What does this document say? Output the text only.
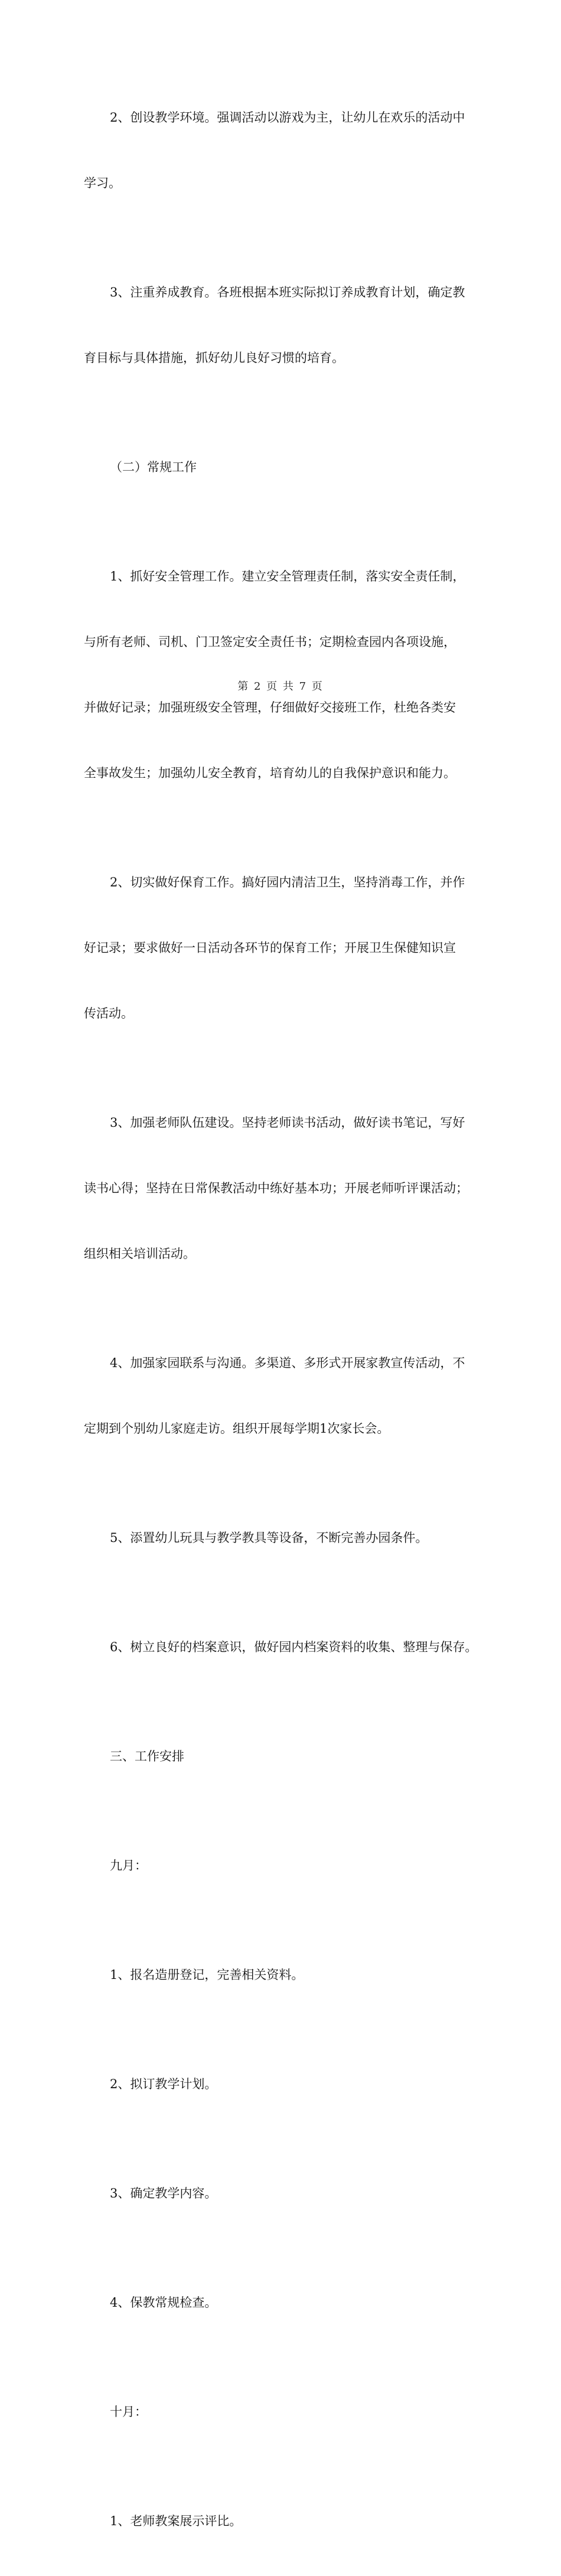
2、创设教学环境。强调活动以游戏为主，让幼儿在欢乐的活动中

学习。

3、注重养成教育。各班根据本班实际拟订养成教育计划，确定教

育目标与具体措施，抓好幼儿良好习惯的培育。

（二）常规工作

1、抓好安全管理工作。建立安全管理责任制，落实安全责任制，

与所有老师、司机、门卫签定安全责任书；定期检查园内各项设施，

并做好记录；加强班级安全管理，仔细做好交接班工作，杜绝各类安

全事故发生；加强幼儿安全教育，培育幼儿的自我保护意识和能力。

2、切实做好保育工作。搞好园内清洁卫生，坚持消毒工作，并作

好记录；要求做好一日活动各环节的保育工作；开展卫生保健知识宣

传活动。

3、加强老师队伍建设。坚持老师读书活动，做好读书笔记，写好

读书心得；坚持在日常保教活动中练好基本功；开展老师听评课活动；

组织相关培训活动。

4、加强家园联系与沟通。多渠道、多形式开展家教宣传活动，不

定期到个别幼儿家庭走访。组织开展每学期1次家长会。

5、添置幼儿玩具与教学教具等设备，不断完善办园条件。

6、树立良好的档案意识，做好园内档案资料的收集、整理与保存。

三、工作安排

九月：

1、报名造册登记，完善相关资料。

2、拟订教学计划。

3、确定教学内容。

4、保教常规检查。

十月：

1、老师教案展示评比。

第 2 页 共 7 页
